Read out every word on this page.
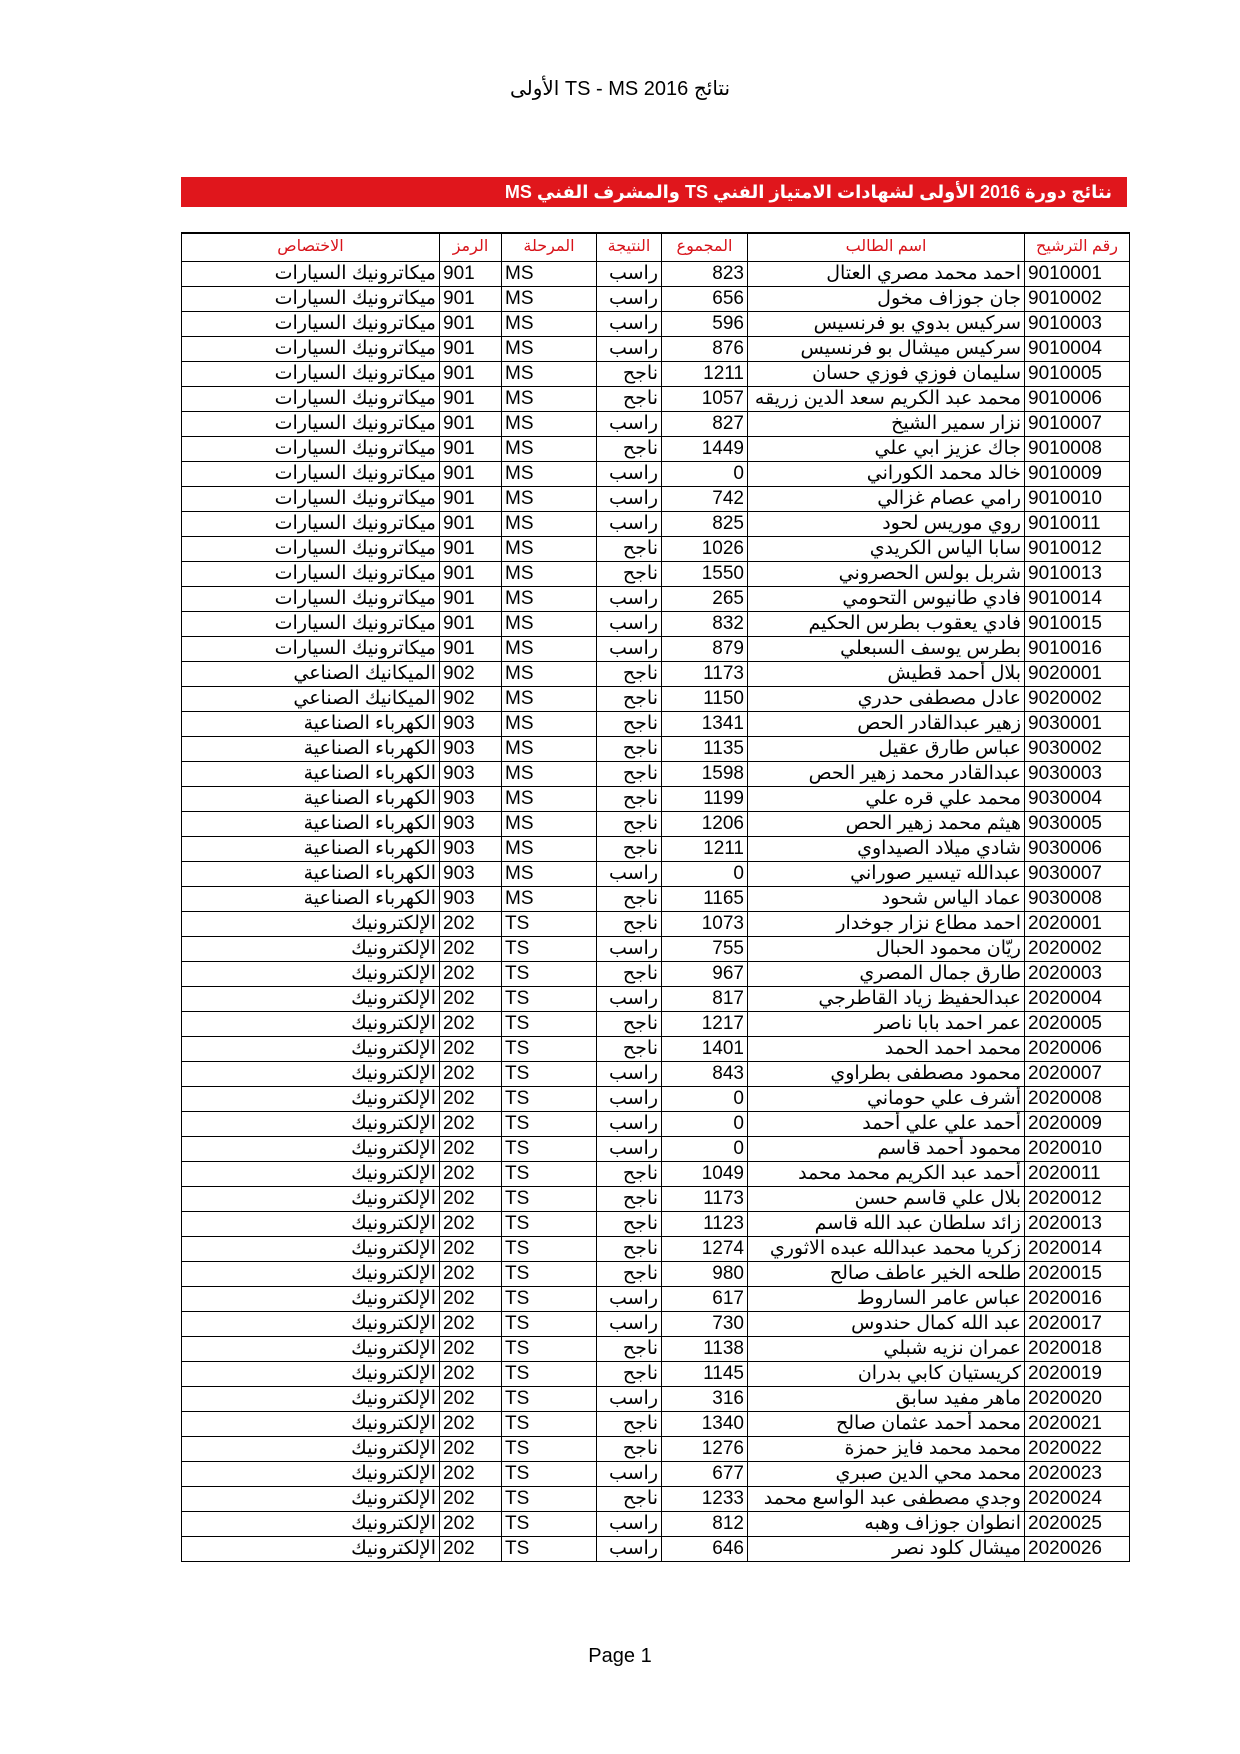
نتائج TS - MS 2016 الأولى
نتائج دورة 2016 الأولى لشهادات الامتياز الفني TS والمشرف الفني MS
رقم الترشيح	اسم الطالب	المجموع	النتيجة	المرحلة	الرمز	الاختصاص
9010001	احمد محمد مصري العتال	823	راسب	MS	901	ميكاترونيك السيارات
9010002	جان جوزاف مخول	656	راسب	MS	901	ميكاترونيك السيارات
9010003	سركيس بدوي بو فرنسيس	596	راسب	MS	901	ميكاترونيك السيارات
9010004	سركيس ميشال بو فرنسيس	876	راسب	MS	901	ميكاترونيك السيارات
9010005	سليمان فوزي فوزي حسان	1211	ناجح	MS	901	ميكاترونيك السيارات
9010006	محمد عبد الكريم سعد الدين زريقه	1057	ناجح	MS	901	ميكاترونيك السيارات
9010007	نزار سمير الشيخ	827	راسب	MS	901	ميكاترونيك السيارات
9010008	جاك عزيز ابي علي	1449	ناجح	MS	901	ميكاترونيك السيارات
9010009	خالد محمد الكوراني	0	راسب	MS	901	ميكاترونيك السيارات
9010010	رامي عصام غزالي	742	راسب	MS	901	ميكاترونيك السيارات
9010011	روي موريس لحود	825	راسب	MS	901	ميكاترونيك السيارات
9010012	سابا الياس الكريدي	1026	ناجح	MS	901	ميكاترونيك السيارات
9010013	شربل بولس الحصروني	1550	ناجح	MS	901	ميكاترونيك السيارات
9010014	فادي طانيوس التحومي	265	راسب	MS	901	ميكاترونيك السيارات
9010015	فادي يعقوب بطرس الحكيم	832	راسب	MS	901	ميكاترونيك السيارات
9010016	بطرس يوسف السبعلي	879	راسب	MS	901	ميكاترونيك السيارات
9020001	بلال أحمد قطيش	1173	ناجح	MS	902	الميكانيك الصناعي
9020002	عادل مصطفى حدري	1150	ناجح	MS	902	الميكانيك الصناعي
9030001	زهير عبدالقادر الحص	1341	ناجح	MS	903	الكهرباء الصناعية
9030002	عباس طارق عقيل	1135	ناجح	MS	903	الكهرباء الصناعية
9030003	عبدالقادر محمد زهير الحص	1598	ناجح	MS	903	الكهرباء الصناعية
9030004	محمد علي قره علي	1199	ناجح	MS	903	الكهرباء الصناعية
9030005	هيثم محمد زهير الحص	1206	ناجح	MS	903	الكهرباء الصناعية
9030006	شادي ميلاد الصيداوي	1211	ناجح	MS	903	الكهرباء الصناعية
9030007	عبدالله تيسير صوراني	0	راسب	MS	903	الكهرباء الصناعية
9030008	عماد الياس شحود	1165	ناجح	MS	903	الكهرباء الصناعية
2020001	احمد مطاع نزار جوخدار	1073	ناجح	TS	202	الإلكترونيك
2020002	ريّان محمود الحبال	755	راسب	TS	202	الإلكترونيك
2020003	طارق جمال المصري	967	ناجح	TS	202	الإلكترونيك
2020004	عبدالحفيظ زياد القاطرجي	817	راسب	TS	202	الإلكترونيك
2020005	عمر احمد بابا ناصر	1217	ناجح	TS	202	الإلكترونيك
2020006	محمد احمد الحمد	1401	ناجح	TS	202	الإلكترونيك
2020007	محمود مصطفى بطراوي	843	راسب	TS	202	الإلكترونيك
2020008	أشرف علي حوماني	0	راسب	TS	202	الإلكترونيك
2020009	أحمد علي علي أحمد	0	راسب	TS	202	الإلكترونيك
2020010	محمود أحمد قاسم	0	راسب	TS	202	الإلكترونيك
2020011	أحمد عبد الكريم محمد محمد	1049	ناجح	TS	202	الإلكترونيك
2020012	بلال علي قاسم حسن	1173	ناجح	TS	202	الإلكترونيك
2020013	زائد سلطان عبد الله قاسم	1123	ناجح	TS	202	الإلكترونيك
2020014	زكريا محمد عبدالله عبده الاثوري	1274	ناجح	TS	202	الإلكترونيك
2020015	طلحه الخير عاطف صالح	980	ناجح	TS	202	الإلكترونيك
2020016	عباس عامر الساروط	617	راسب	TS	202	الإلكترونيك
2020017	عبد الله كمال حندوس	730	راسب	TS	202	الإلكترونيك
2020018	عمران نزيه شبلي	1138	ناجح	TS	202	الإلكترونيك
2020019	كريستيان كابي بدران	1145	ناجح	TS	202	الإلكترونيك
2020020	ماهر مفيد سابق	316	راسب	TS	202	الإلكترونيك
2020021	محمد أحمد عثمان صالح	1340	ناجح	TS	202	الإلكترونيك
2020022	محمد محمد فايز حمزة	1276	ناجح	TS	202	الإلكترونيك
2020023	محمد محي الدين صبري	677	راسب	TS	202	الإلكترونيك
2020024	وجدي مصطفى عبد الواسع محمد	1233	ناجح	TS	202	الإلكترونيك
2020025	انطوان جوزاف وهبه	812	راسب	TS	202	الإلكترونيك
2020026	ميشال كلود نصر	646	راسب	TS	202	الإلكترونيك
Page 1
